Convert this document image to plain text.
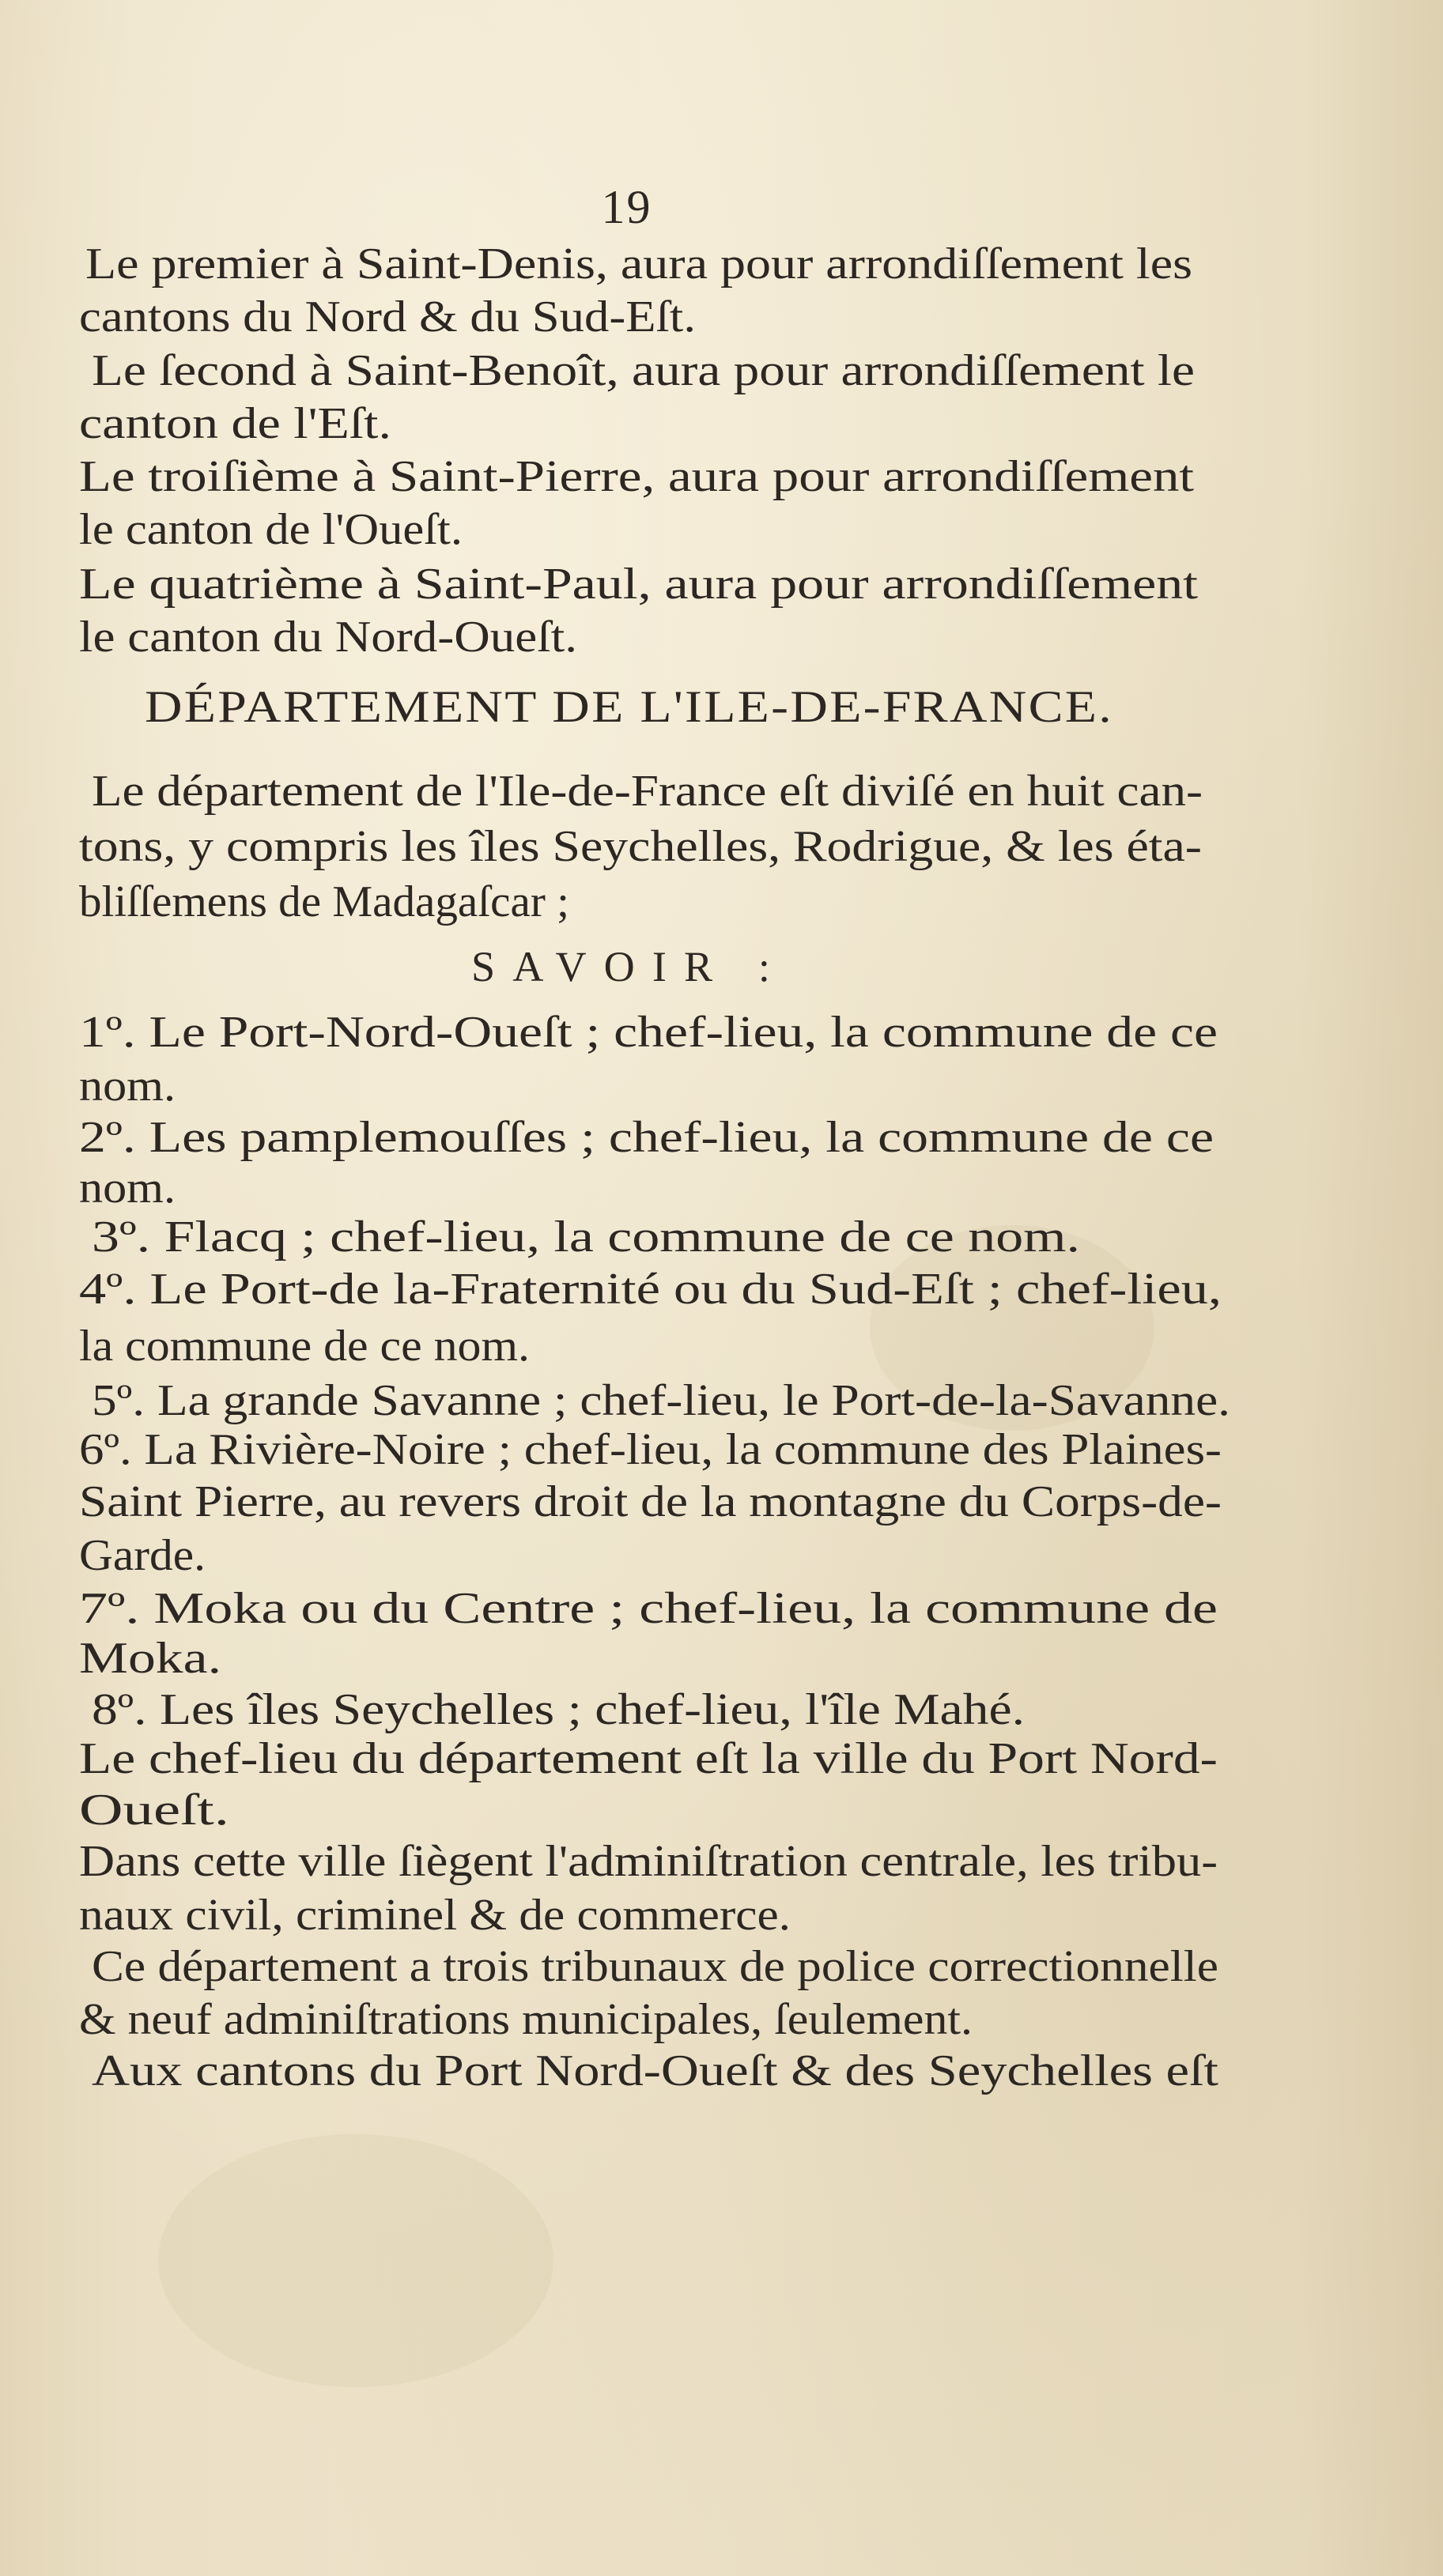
19
Le premier à Saint-Denis, aura pour arrondiſſement les
cantons du Nord & du Sud-Eſt.
Le ſecond à Saint-Benoît, aura pour arrondiſſement le
canton de l'Eſt.
Le troiſième à Saint-Pierre, aura pour arrondiſſement
le canton de l'Oueſt.
Le quatrième à Saint-Paul, aura pour arrondiſſement
le canton du Nord-Oueſt.
DÉPARTEMENT DE L'ILE-DE-FRANCE.
Le département de l'Ile-de-France eſt diviſé en huit can-
tons, y compris les îles Seychelles, Rodrigue, & les éta-
bliſſemens de Madagaſcar ;
SAVOIR :
1º. Le Port-Nord-Oueſt ; chef-lieu, la commune de ce
nom.
2º. Les pamplemouſſes ; chef-lieu, la commune de ce
nom.
3º. Flacq ; chef-lieu, la commune de ce nom.
4º. Le Port-de la-Fraternité ou du Sud-Eſt ; chef-lieu,
la commune de ce nom.
5º. La grande Savanne ; chef-lieu, le Port-de-la-Savanne.
6º. La Rivière-Noire ; chef-lieu, la commune des Plaines-
Saint Pierre, au revers droit de la montagne du Corps-de-
Garde.
7º. Moka ou du Centre ; chef-lieu, la commune de
Moka.
8º. Les îles Seychelles ; chef-lieu, l'île Mahé.
Le chef-lieu du département eſt la ville du Port Nord-
Oueſt.
Dans cette ville ſiègent l'adminiſtration centrale, les tribu-
naux civil, criminel & de commerce.
Ce département a trois tribunaux de police correctionnelle
& neuf adminiſtrations municipales, ſeulement.
Aux cantons du Port Nord-Oueſt & des Seychelles eſt
